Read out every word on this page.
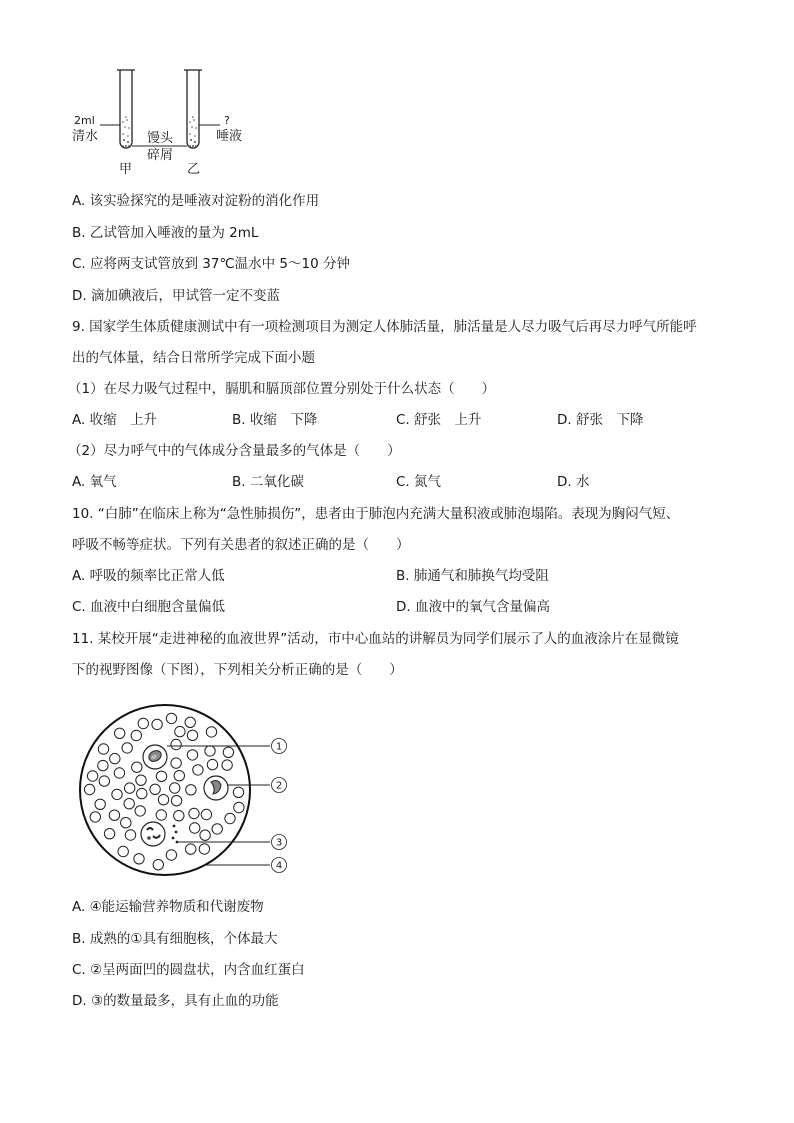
2ml
清水	馒头
碎屑
?
唾液
甲	乙
A. 该实验探究的是唾液对淀粉的消化作用
B. 乙试管加入唾液的量为 2mL
C. 应将两支试管放到 37℃温水中 5～10 分钟
D. 滴加碘液后，甲试管一定不变蓝
9. 国家学生体质健康测试中有一项检测项目为测定人体肺活量，肺活量是人尽力吸气后再尽力呼气所能呼
出的气体量，结合日常所学完成下面小题
（1）在尽力吸气过程中，膈肌和膈顶部位置分别处于什么状态（　　）
A. 收缩　上升	B. 收缩　下降	C. 舒张　上升	D. 舒张　下降
（2）尽力呼气中的气体成分含量最多的气体是（　　）
A. 氧气	B. 二氧化碳	C. 氮气	D. 水
10. “白肺”在临床上称为“急性肺损伤”，患者由于肺泡内充满大量积液或肺泡塌陷。表现为胸闷气短、
呼吸不畅等症状。下列有关患者的叙述正确的是（　　）
A. 呼吸的频率比正常人低	B. 肺通气和肺换气均受阻
C. 血液中白细胞含量偏低	D. 血液中的氧气含量偏高
11. 某校开展“走进神秘的血液世界”活动，市中心血站的讲解员为同学们展示了人的血液涂片在显微镜
下的视野图像（下图），下列相关分析正确的是（　　）
1
2
3
4
A. ④能运输营养物质和代谢废物
B. 成熟的①具有细胞核，个体最大
C. ②呈两面凹的圆盘状，内含血红蛋白
D. ③的数量最多，具有止血的功能
